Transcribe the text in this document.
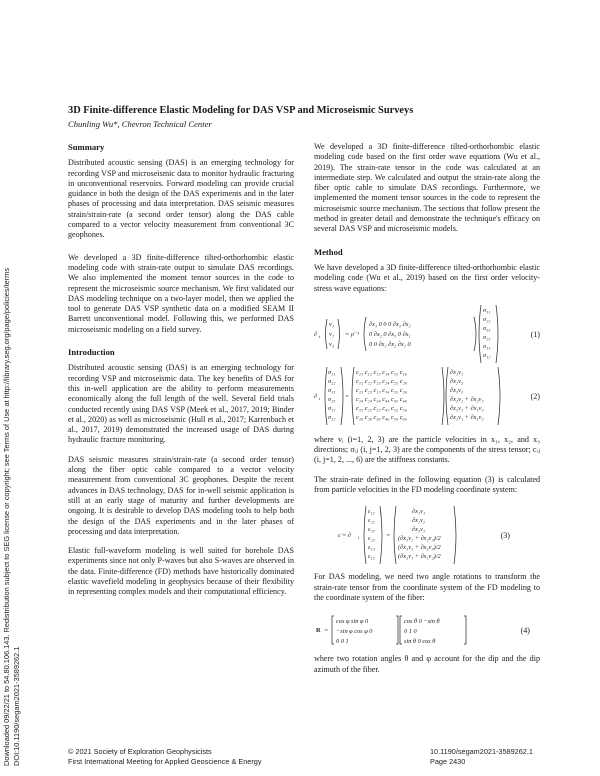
Downloaded 09/22/21 to 54.80.106.143. Redistribution subject to SEG license or copyright; see Terms of Use at http://library.seg.org/page/policies/terms DOI:10.1190/segam2021-3589262.1
3D Finite-difference Elastic Modeling for DAS VSP and Microseismic Surveys
Chunling Wu*, Chevron Technical Center
Summary

Distributed acoustic sensing (DAS) is an emerging technology for recording VSP and microseismic data to monitor hydraulic fracturing in unconventional reservoirs. Forward modeling can provide crucial guidance in both the design of the DAS experiments and in the later phases of processing and data interpretation. DAS seismic measures strain/strain-rate (a second order tensor) along the DAS cable compared to a vector velocity measurement from conventional 3C geophones.

We developed a 3D finite-difference tilted-orthorhombic elastic modeling code with strain-rate output to simulate DAS recordings. We also implemented the moment tensor sources in the code to represent the microseismic source mechanism. We first validated our DAS modeling technique on a two-layer model, then we applied the tool to generate DAS VSP synthetic data on a modified SEAM II Barrett unconventional model. Following this, we performed DAS microseismic modeling on a field survey.

Introduction

Distributed acoustic sensing (DAS) is an emerging technology for recording VSP and microseismic data. The key benefits of DAS for this in-well application are the ability to perform measurements economically along the full length of the well. Several field trials conducted recently using DAS VSP (Meek et al., 2017, 2019; Binder et al., 2020) as well as microseismic (Hull et al., 2017; Karrenbach et al., 2017, 2019) demonstrated the increased usage of DAS during hydraulic fracture monitoring.

DAS seismic measures strain/strain-rate (a second order tensor) along the fiber optic cable compared to a vector velocity measurement from conventional 3C geophones. Despite the recent advances in DAS technology, DAS for in-well seismic application is still at an early stage of maturity and further developments are ongoing. It is desirable to develop DAS modeling tools to help both the design of the DAS experiments and in the later phases of processing and data interpretation.

Elastic full-waveform modeling is well suited for borehole DAS experiments since not only P-waves but also S-waves are observed in the data. Finite-difference (FD) methods have historically dominated elastic wavefield modeling in geophysics because of their flexibility in representing complex models and their computational efficiency.

We developed a 3D finite-difference tilted-orthorhombic elastic modeling code based on the first order wave equations (Wu et al., 2019). The strain-rate tensor in the code was calculated at an intermediate step. We calculated and output the strain-rate along the fiber optic cable to simulate DAS recordings. Furthermore, we implemented the moment tensor sources in the code to represent the microseismic source mechanism. The sections that follow present the method in greater detail and demonstrate the technique's efficacy on several DAS VSP and microseismic models.

Method

We have developed a 3D finite-difference tilted-orthorhombic elastic modeling code (Wu et al., 2019) based on the first order velocity-stress wave equations:

∂ t
v₁
v₂
v₃
= ρ⁻¹
∂x₁ 0 0 0 ∂x₃ ∂x₂
0 ∂x₂ 0 ∂x₃ 0 ∂x₁
0 0 ∂x₃ ∂x₂ ∂x₁ 0
σ₁₁
σ₂₂
σ₃₃
σ₂₃
σ₁₃
σ₁₂
(1)
∂ t
σ₁₁
σ₂₂
σ₃₃
σ₂₃
σ₁₃
σ₁₂
=
c₁₁ c₁₂ c₁₃ c₁₄ c₁₅ c₁₆
c₁₂ c₂₂ c₂₃ c₂₄ c₂₅ c₂₆
c₁₃ c₂₃ c₃₃ c₃₄ c₃₅ c₃₆
c₁₄ c₂₄ c₃₄ c₄₄ c₄₅ c₄₆
c₁₅ c₂₅ c₃₅ c₄₅ c₅₅ c₅₆
c₁₆ c₂₆ c₃₆ c₄₆ c₅₆ c₆₆
∂x₁v₁
∂x₂v₂
∂x₃v₃
∂x₃v₂ + ∂x₂v₃
∂x₃v₁ + ∂x₁v₃
∂x₂v₁ + ∂x₁v₂
(2)

where vᵢ (i=1, 2, 3) are the particle velocities in x₁, x₂, and x₃ directions; σᵢⱼ (i, j=1, 2, 3) are the components of the stress tensor; cᵢⱼ (i, j=1, 2, ..., 6) are the stiffness constants.

The strain-rate defined in the following equation (3) is calculated from particle velocities in the FD modeling coordinate system:

ε̇ = ∂ t
ε₁₁
ε₂₂
ε₃₃
ε₂₃
ε₁₃
ε₁₂
=
∂x₁v₁
∂x₂v₂
∂x₃v₃
(∂x₃v₂ + ∂x₂v₃)/2
(∂x₃v₁ + ∂x₁v₃)/2
(∂x₂v₁ + ∂x₁v₂)/2
(3)

For DAS modeling, we need two angle rotations to transform the strain-rate tensor from the coordinate system of the FD modeling to the coordinate system of the fiber:

R =
cos φ sin φ 0
−sin φ cos φ 0
0 0 1
cos θ 0 −sin θ
0 1 0
sin θ 0 cos θ
(4)

where two rotation angles θ and φ account for the dip and the dip azimuth of the fiber.

© 2021 Society of Exploration Geophysicists
First International Meeting for Applied Geoscience & Energy
10.1190/segam2021-3589262.1
Page 2430
